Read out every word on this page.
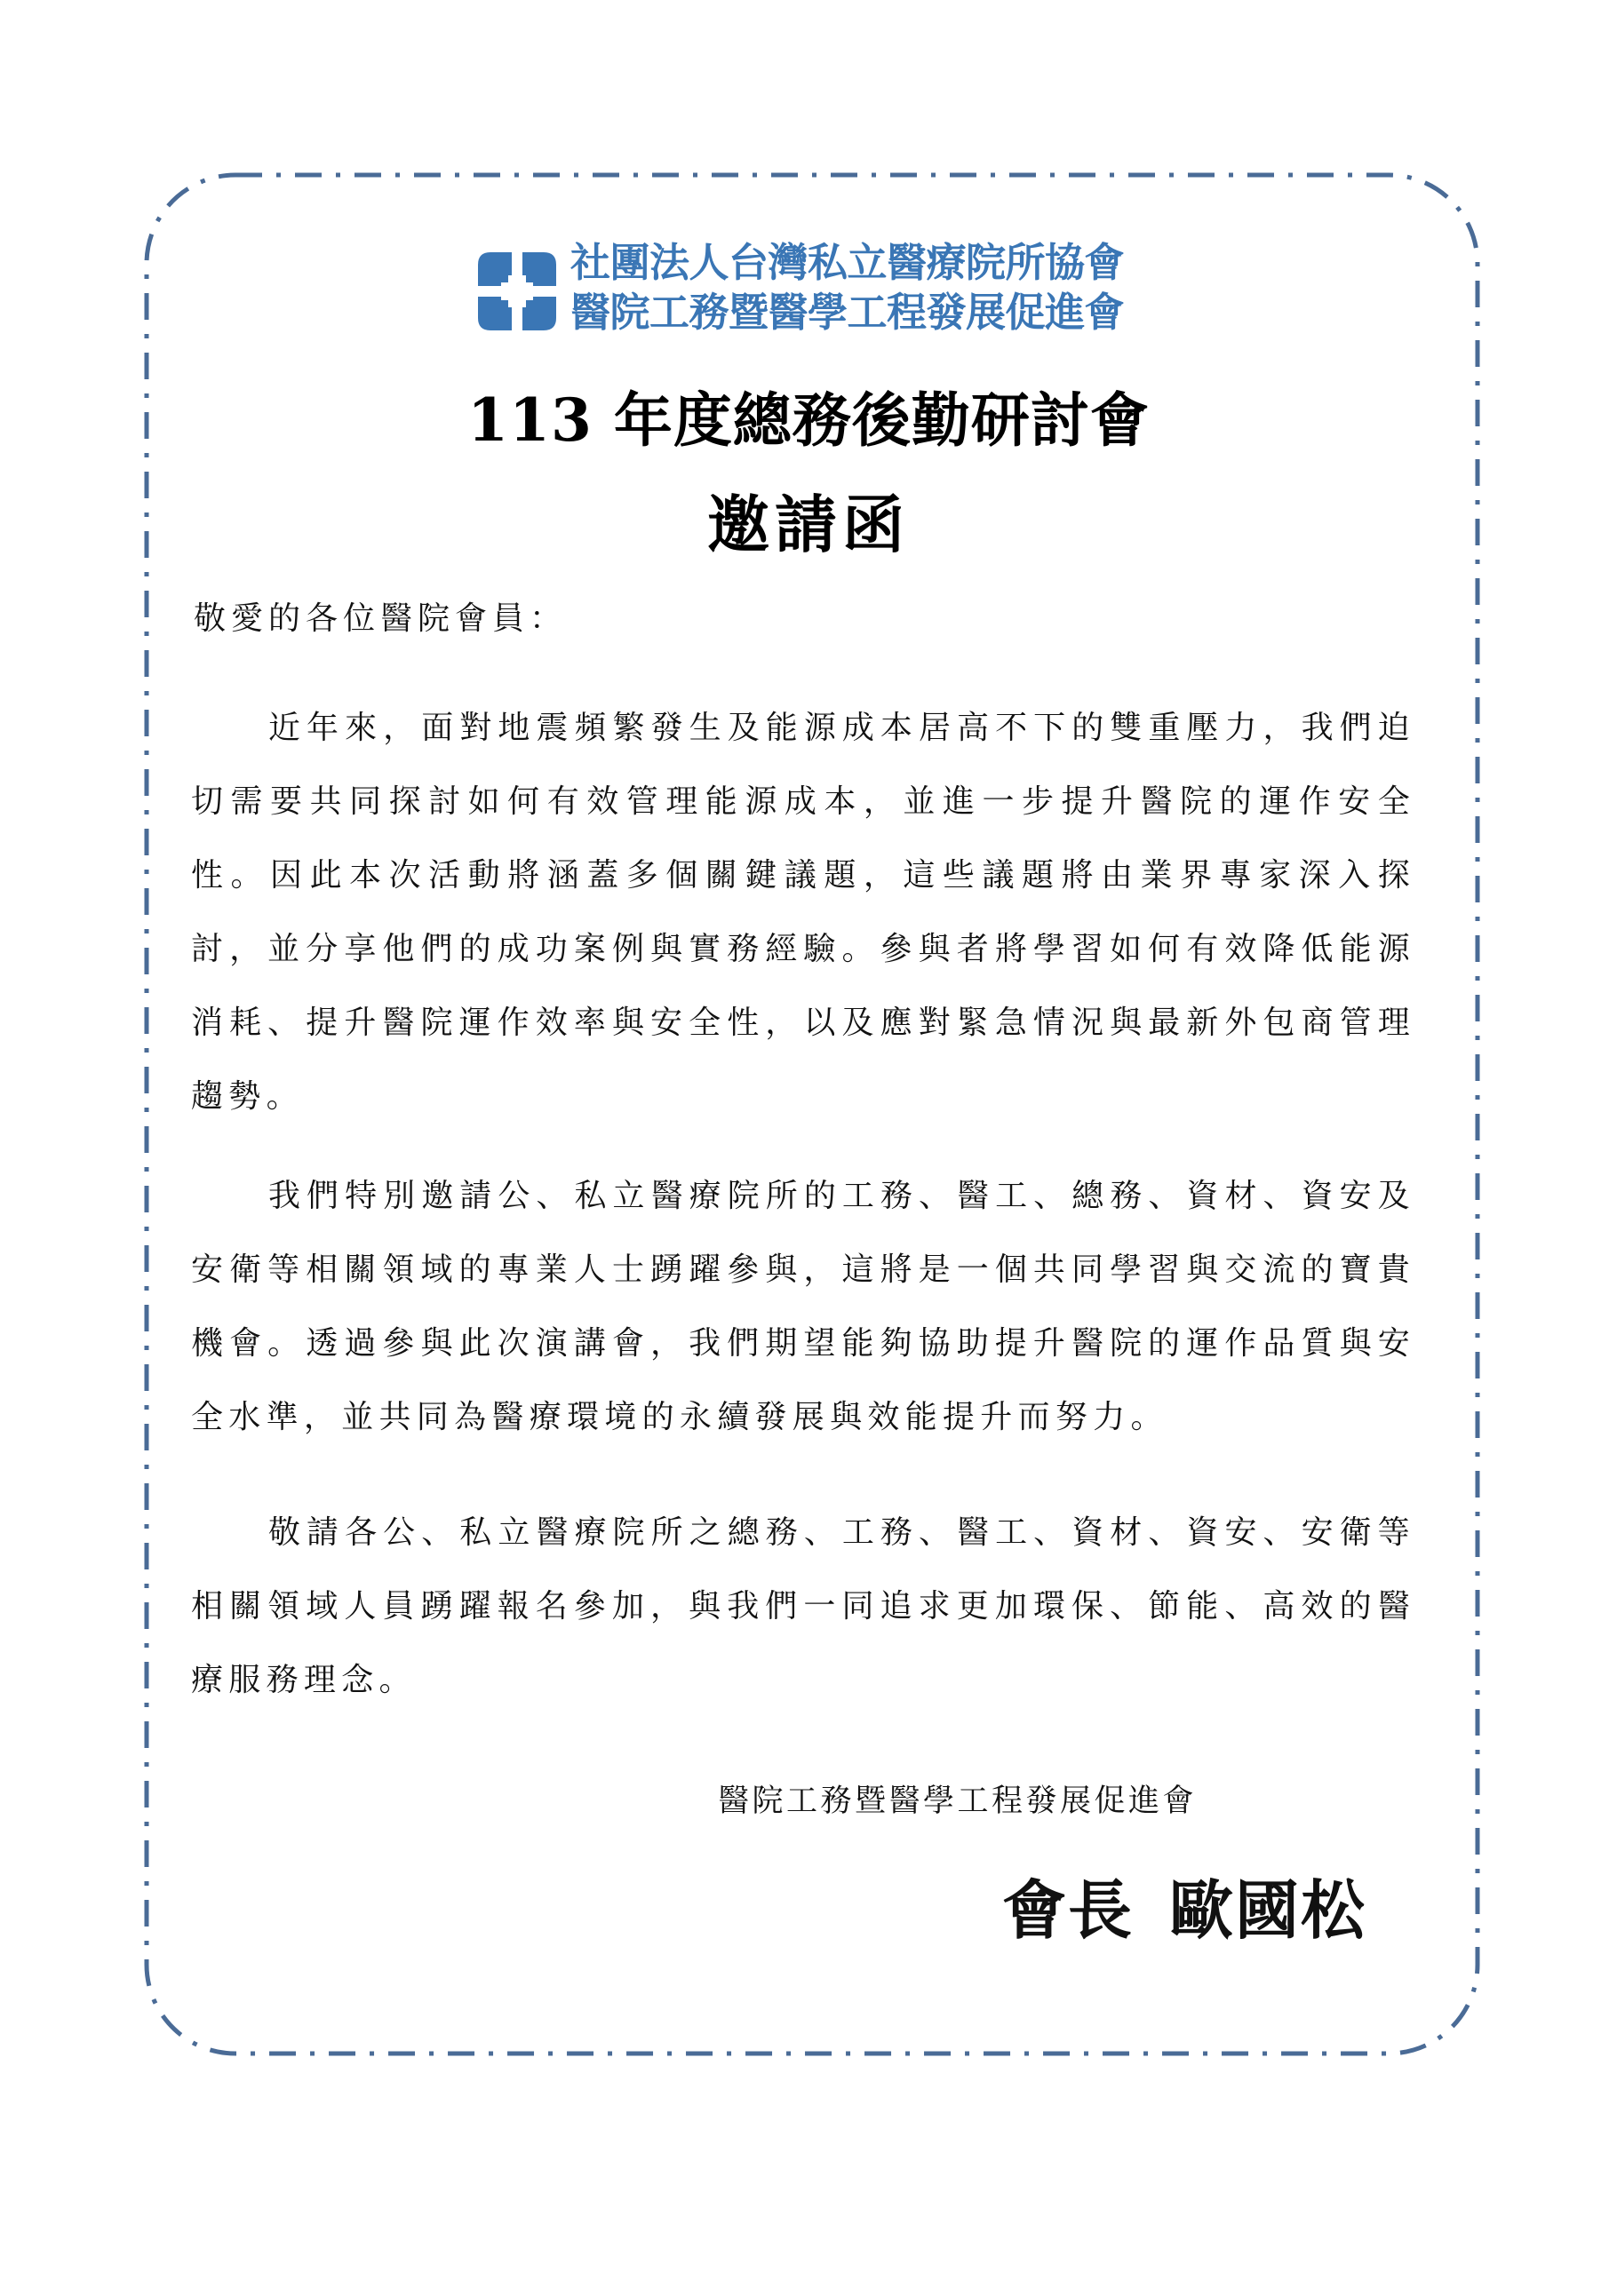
社團法人台灣私立醫療院所協會
醫院工務暨醫學工程發展促進會
113 年度總務後勤研討會
邀請函
敬愛的各位醫院會員：

近年來，面對地震頻繁發生及能源成本居高不下的雙重壓力，我們迫切需要共同探討如何有效管理能源成本，並進一步提升醫院的運作安全性。因此本次活動將涵蓋多個關鍵議題，這些議題將由業界專家深入探討，並分享他們的成功案例與實務經驗。參與者將學習如何有效降低能源消耗、提升醫院運作效率與安全性，以及應對緊急情況與最新外包商管理趨勢。

我們特別邀請公、私立醫療院所的工務、醫工、總務、資材、資安及安衛等相關領域的專業人士踴躍參與，這將是一個共同學習與交流的寶貴機會。透過參與此次演講會，我們期望能夠協助提升醫院的運作品質與安全水準，並共同為醫療環境的永續發展與效能提升而努力。

敬請各公、私立醫療院所之總務、工務、醫工、資材、資安、安衛等相關領域人員踴躍報名參加，與我們一同追求更加環保、節能、高效的醫療服務理念。

醫院工務暨醫學工程發展促進會
會長 歐國松
